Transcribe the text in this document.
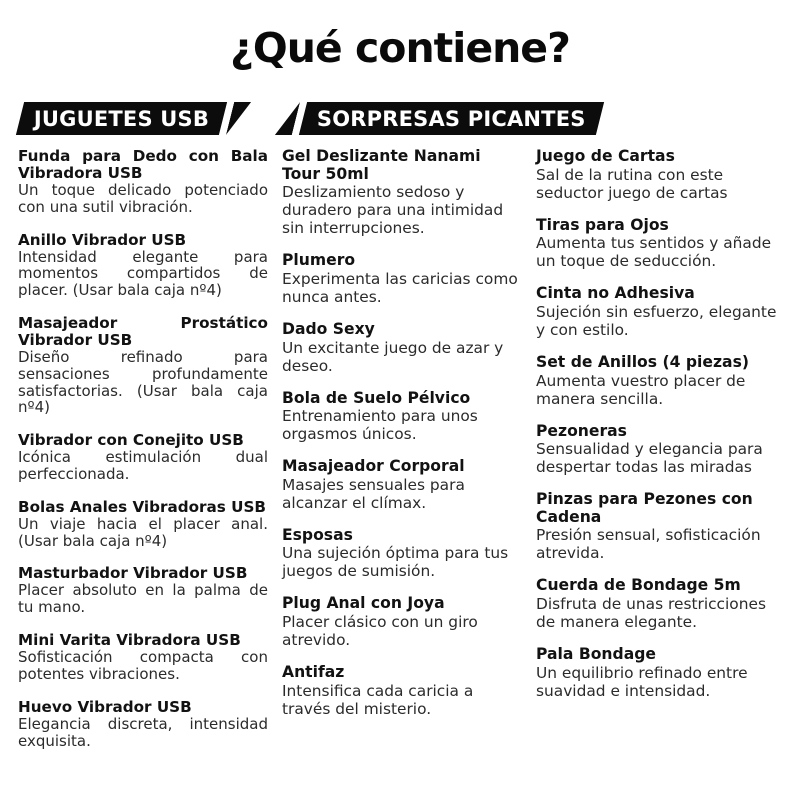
¿Qué contiene?
JUGUETES USB	SORPRESAS PICANTES
Funda para Dedo con Bala Vibradora USB

Un toque delicado potenciado con una sutil vibración.

Anillo Vibrador USB

Intensidad elegante para momentos compartidos de placer. (Usar bala caja nº4)

Masajeador Prostático Vibrador USB

Diseño refinado para sensaciones profundamente satisfactorias. (Usar bala caja nº4)

Vibrador con Conejito USB

Icónica estimulación dual perfeccionada.

Bolas Anales Vibradoras USB

Un viaje hacia el placer anal. (Usar bala caja nº4)

Masturbador Vibrador USB

Placer absoluto en la palma de tu mano.

Mini Varita Vibradora USB

Sofisticación compacta con potentes vibraciones.

Huevo Vibrador USB

Elegancia discreta, intensidad exquisita.

Gel Deslizante Nanami Tour 50ml

Deslizamiento sedoso y duradero para una intimidad sin interrupciones.

Plumero

Experimenta las caricias como nunca antes.

Dado Sexy

Un excitante juego de azar y deseo.

Bola de Suelo Pélvico

Entrenamiento para unos orgasmos únicos.

Masajeador Corporal

Masajes sensuales para alcanzar el clímax.

Esposas

Una sujeción óptima para tus juegos de sumisión.

Plug Anal con Joya

Placer clásico con un giro atrevido.

Antifaz

Intensifica cada caricia a través del misterio.

Juego de Cartas

Sal de la rutina con este seductor juego de cartas

Tiras para Ojos

Aumenta tus sentidos y añade un toque de seducción.

Cinta no Adhesiva

Sujeción sin esfuerzo, elegante y con estilo.

Set de Anillos (4 piezas)

Aumenta vuestro placer de manera sencilla.

Pezoneras

Sensualidad y elegancia para despertar todas las miradas

Pinzas para Pezones con Cadena

Presión sensual, sofisticación atrevida.

Cuerda de Bondage 5m

Disfruta de unas restricciones de manera elegante.

Pala Bondage

Un equilibrio refinado entre suavidad e intensidad.
